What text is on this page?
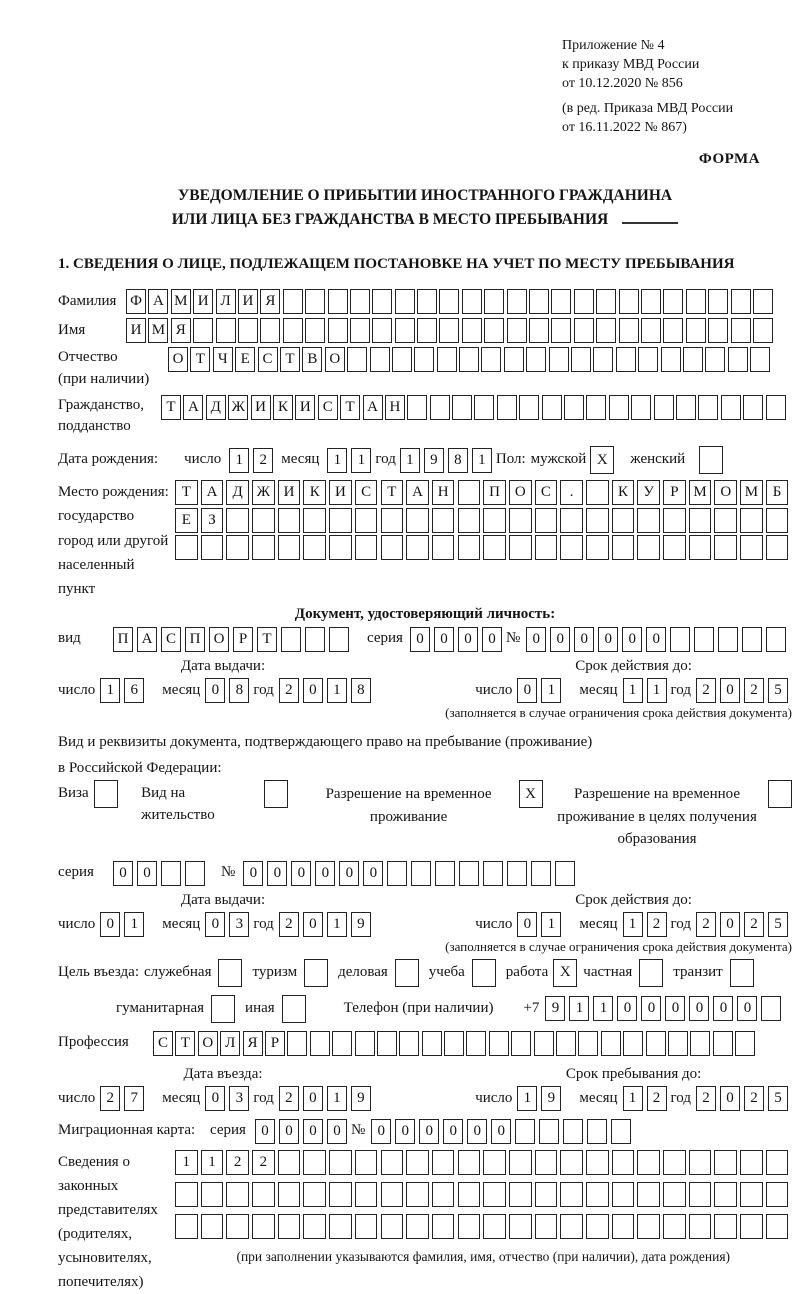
Приложение № 4
к приказу МВД России
от 10.12.2020 № 856
(в ред. Приказа МВД России
от 16.11.2022 № 867)
ФОРМА
УВЕДОМЛЕНИЕ О ПРИБЫТИИ ИНОСТРАННОГО ГРАЖДАНИНА
ИЛИ ЛИЦА БЕЗ ГРАЖДАНСТВА В МЕСТО ПРЕБЫВАНИЯ
1. СВЕДЕНИЯ О ЛИЦЕ, ПОДЛЕЖАЩЕМ ПОСТАНОВКЕ НА УЧЕТ ПО МЕСТУ ПРЕБЫВАНИЯ
Фамилия Ф А М И Л И Я
Имя	И М Я
Отчество
(при наличии)
О Т Ч Е С Т В О
Гражданство,
подданство
Т А Д Ж И К И С Т А Н
Дата рождения: число 1	2 месяц 1	1 год 1	9	8	1 Пол: мужской X	женский
Место рождения:
государство
город или другой
населенный пункт
Т	А	Д Ж И	К	И	С	Т	А Н	П О	С	.	К	У	Р М О М Б
Е	З
Документ, удостоверяющий личность:
вид	П А С П О Р	Т	серия 0	0	0	0 № 0	0	0	0	0	0
Дата выдачи:
число 1	6	месяц 0	8 год 2	0	1	8
Срок действия до:
число 0	1	месяц 1	1 год 2	0	2	5
(заполняется в случае ограничения срока действия документа)
Вид и реквизиты документа, подтверждающего право на пребывание (проживание)
в Российской Федерации:
Виза	Вид на жительство
Разрешение на временное проживание
X	Разрешение на временное проживание в целях получения образования
серия	0	0	№ 0	0	0	0	0	0
Дата выдачи:
число 0	1	месяц 0	3 год 2	0	1	9
Срок действия до:
число 0	1	месяц 1	2 год 2	0	2	5
(заполняется в случае ограничения срока действия документа)
Цель въезда: служебная	туризм	деловая	учеба	работа X частная	транзит
гуманитарная	иная	Телефон (при наличии) +7 9	1	1	0	0	0	0	0	0
Профессия	С Т О Л Я Р
Дата въезда:
число 2	7	месяц 0	3 год 2	0	1	9
Срок пребывания до:
число 1	9	месяц 1	2 год 2	0	2	5
Миграционная карта: серия	0	0	0	0 № 0	0	0	0	0	0
Сведения о
законных
представителях
(родителях,
усыновителях,
попечителях)
1	1	2	2
(при заполнении указываются фамилия, имя, отчество (при наличии), дата рождения)
